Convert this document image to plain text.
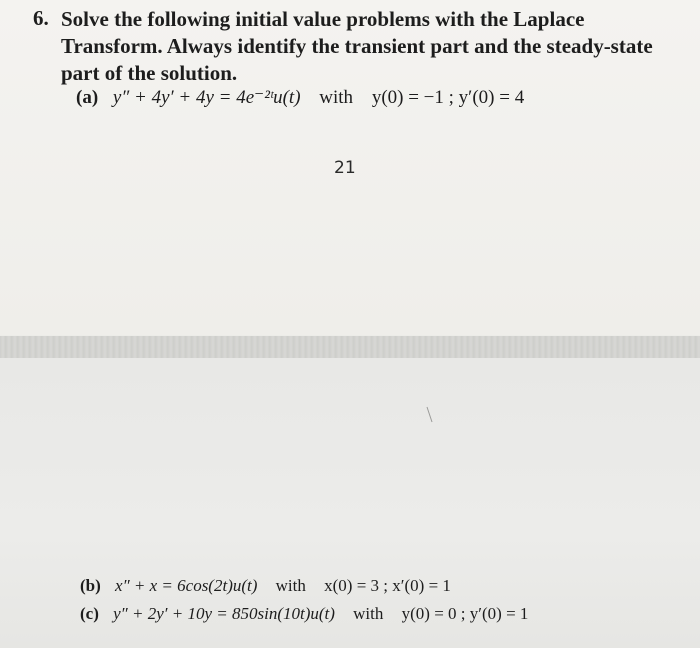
6. Solve the following initial value problems with the Laplace Transform. Always identify the transient part and the steady-state part of the solution.
(a) y″ + 4y′ + 4y = 4e⁻²ᵗu(t) with y(0) = −1 ; y′(0) = 4
21
(b) x″ + x = 6cos(2t)u(t) with x(0) = 3 ; x′(0) = 1
(c) y″ + 2y′ + 10y = 850sin(10t)u(t) with y(0) = 0 ; y′(0) = 1
